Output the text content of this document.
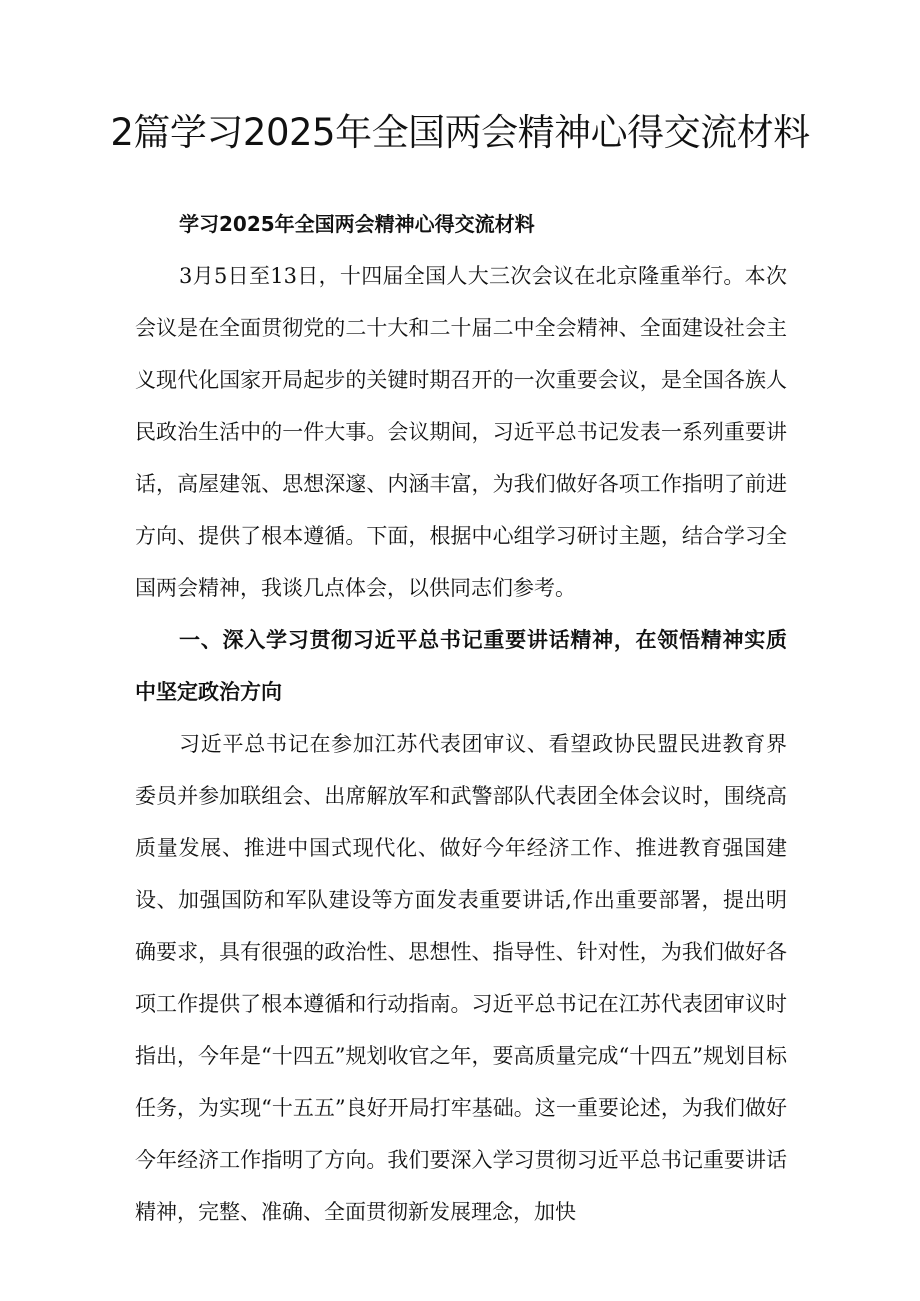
2篇学习2025年全国两会精神心得交流材料

学习2025年全国两会精神心得交流材料

3月5日至13日，十四届全国人大三次会议在北京隆重举行。本次会议是在全面贯彻党的二十大和二十届二中全会精神、全面建设社会主义现代化国家开局起步的关键时期召开的一次重要会议，是全国各族人民政治生活中的一件大事。会议期间，习近平总书记发表一系列重要讲话，高屋建瓴、思想深邃、内涵丰富，为我们做好各项工作指明了前进方向、提供了根本遵循。下面，根据中心组学习研讨主题，结合学习全国两会精神，我谈几点体会，以供同志们参考。

一、深入学习贯彻习近平总书记重要讲话精神，在领悟精神实质中坚定政治方向

习近平总书记在参加江苏代表团审议、看望政协民盟民进教育界委员并参加联组会、出席解放军和武警部队代表团全体会议时，围绕高质量发展、推进中国式现代化、做好今年经济工作、推进教育强国建设、加强国防和军队建设等方面发表重要讲话,作出重要部署，提出明确要求，具有很强的政治性、思想性、指导性、针对性，为我们做好各项工作提供了根本遵循和行动指南。习近平总书记在江苏代表团审议时指出，今年是“十四五”规划收官之年，要高质量完成“十四五”规划目标任务，为实现“十五五”良好开局打牢基础。这一重要论述，为我们做好今年经济工作指明了方向。我们要深入学习贯彻习近平总书记重要讲话精神，完整、准确、全面贯彻新发展理念，加快
